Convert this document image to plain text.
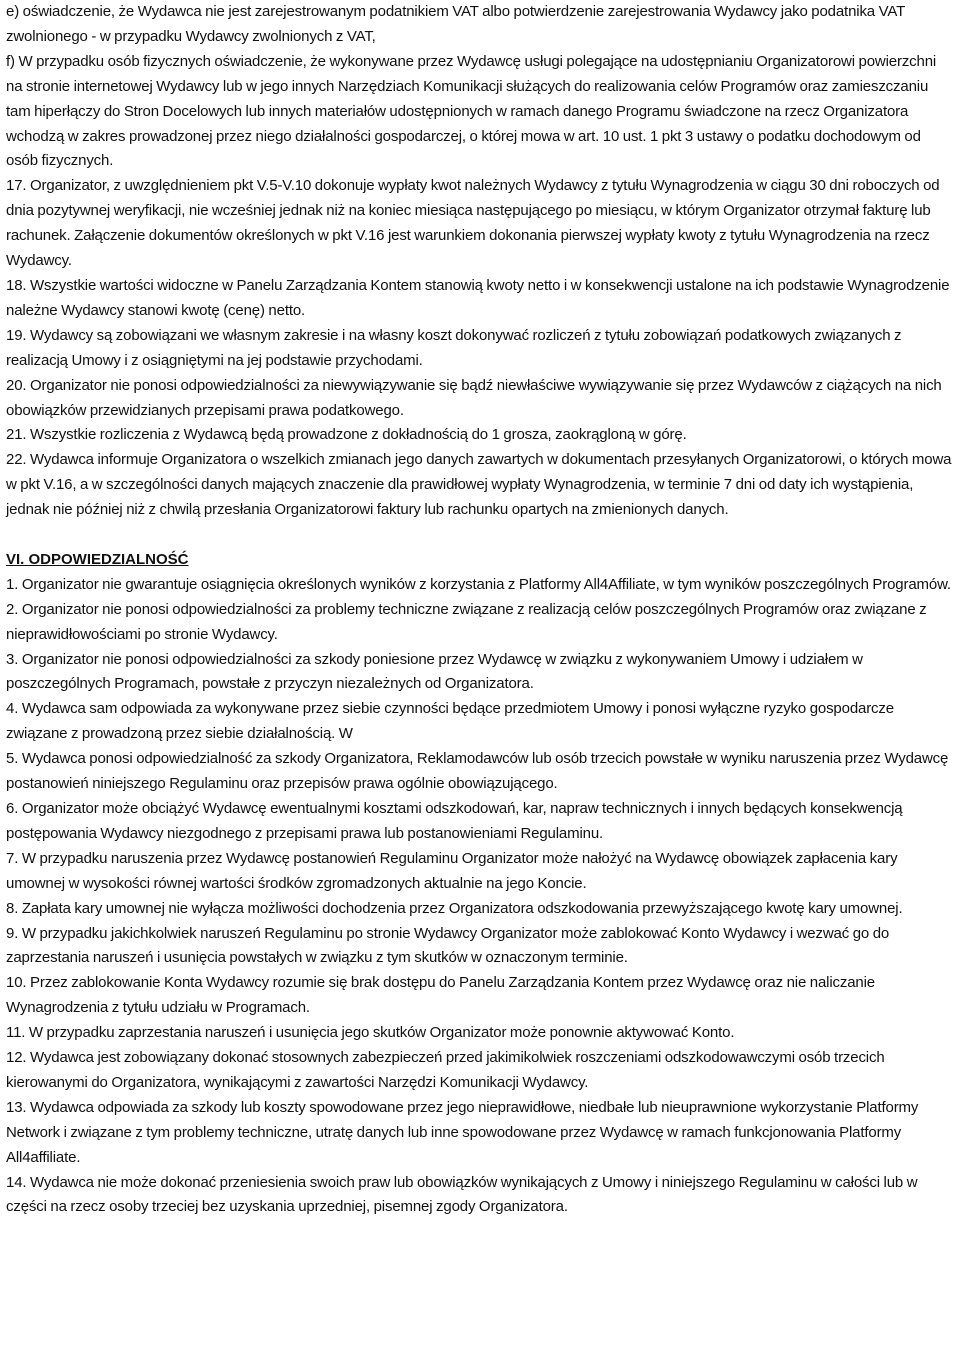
e) oświadczenie, że Wydawca nie jest zarejestrowanym podatnikiem VAT albo potwierdzenie zarejestrowania Wydawcy jako podatnika VAT zwolnionego - w przypadku Wydawcy zwolnionych z VAT,

f) W przypadku osób fizycznych oświadczenie, że wykonywane przez Wydawcę usługi polegające na udostępnianiu Organizatorowi powierzchni na stronie internetowej Wydawcy lub w jego innych Narzędziach Komunikacji służących do realizowania celów Programów oraz zamieszczaniu tam hiperłączy do Stron Docelowych lub innych materiałów udostępnionych w ramach danego Programu świadczone na rzecz Organizatora wchodzą w zakres prowadzonej przez niego działalności gospodarczej, o której mowa w art. 10 ust. 1 pkt 3 ustawy o podatku dochodowym od osób fizycznych.

17. Organizator, z uwzględnieniem pkt V.5-V.10 dokonuje wypłaty kwot należnych Wydawcy z tytułu Wynagrodzenia w ciągu 30 dni roboczych od dnia pozytywnej weryfikacji, nie wcześniej jednak niż na koniec miesiąca następującego po miesiącu, w którym Organizator otrzymał fakturę lub rachunek. Załączenie dokumentów określonych w pkt V.16 jest warunkiem dokonania pierwszej wypłaty kwoty z tytułu Wynagrodzenia na rzecz Wydawcy.

18. Wszystkie wartości widoczne w Panelu Zarządzania Kontem stanowią kwoty netto i w konsekwencji ustalone na ich podstawie Wynagrodzenie należne Wydawcy stanowi kwotę (cenę) netto.

19. Wydawcy są zobowiązani we własnym zakresie i na własny koszt dokonywać rozliczeń z tytułu zobowiązań podatkowych związanych z realizacją Umowy i z osiągniętymi na jej podstawie przychodami.

20. Organizator nie ponosi odpowiedzialności za niewywiązywanie się bądź niewłaściwe wywiązywanie się przez Wydawców z ciążących na nich obowiązków przewidzianych przepisami prawa podatkowego.

21. Wszystkie rozliczenia z Wydawcą będą prowadzone z dokładnością do 1 grosza, zaokrągloną w górę.

22. Wydawca informuje Organizatora o wszelkich zmianach jego danych zawartych w dokumentach przesyłanych Organizatorowi, o których mowa w pkt V.16, a w szczególności danych mających znaczenie dla prawidłowej wypłaty Wynagrodzenia, w terminie 7 dni od daty ich wystąpienia, jednak nie później niż z chwilą przesłania Organizatorowi faktury lub rachunku opartych na zmienionych danych.

VI. ODPOWIEDZIALNOŚĆ

1. Organizator nie gwarantuje osiągnięcia określonych wyników z korzystania z Platformy All4Affiliate, w tym wyników poszczególnych Programów.

2. Organizator nie ponosi odpowiedzialności za problemy techniczne związane z realizacją celów poszczególnych Programów oraz związane z nieprawidłowościami po stronie Wydawcy.

3. Organizator nie ponosi odpowiedzialności za szkody poniesione przez Wydawcę w związku z wykonywaniem Umowy i udziałem w poszczególnych Programach, powstałe z przyczyn niezależnych od Organizatora.

4. Wydawca sam odpowiada za wykonywane przez siebie czynności będące przedmiotem Umowy i ponosi wyłączne ryzyko gospodarcze związane z prowadzoną przez siebie działalnością. W

5. Wydawca ponosi odpowiedzialność za szkody Organizatora, Reklamodawców lub osób trzecich powstałe w wyniku naruszenia przez Wydawcę postanowień niniejszego Regulaminu oraz przepisów prawa ogólnie obowiązującego.

6. Organizator może obciążyć Wydawcę ewentualnymi kosztami odszkodowań, kar, napraw technicznych i innych będących konsekwencją postępowania Wydawcy niezgodnego z przepisami prawa lub postanowieniami Regulaminu.

7. W przypadku naruszenia przez Wydawcę postanowień Regulaminu Organizator może nałożyć na Wydawcę obowiązek zapłacenia kary umownej w wysokości równej wartości środków zgromadzonych aktualnie na jego Koncie.

8. Zapłata kary umownej nie wyłącza możliwości dochodzenia przez Organizatora odszkodowania przewyższającego kwotę kary umownej.

9. W przypadku jakichkolwiek naruszeń Regulaminu po stronie Wydawcy Organizator może zablokować Konto Wydawcy i wezwać go do zaprzestania naruszeń i usunięcia powstałych w związku z tym skutków w oznaczonym terminie.

10. Przez zablokowanie Konta Wydawcy rozumie się brak dostępu do Panelu Zarządzania Kontem przez Wydawcę oraz nie naliczanie Wynagrodzenia z tytułu udziału w Programach.

11. W przypadku zaprzestania naruszeń i usunięcia jego skutków Organizator może ponownie aktywować Konto.

12. Wydawca jest zobowiązany dokonać stosownych zabezpieczeń przed jakimikolwiek roszczeniami odszkodowawczymi osób trzecich kierowanymi do Organizatora, wynikającymi z zawartości Narzędzi Komunikacji Wydawcy.

13. Wydawca odpowiada za szkody lub koszty spowodowane przez jego nieprawidłowe, niedbałe lub nieuprawnione wykorzystanie Platformy Network i związane z tym problemy techniczne, utratę danych lub inne spowodowane przez Wydawcę w ramach funkcjonowania Platformy All4affiliate.

14. Wydawca nie może dokonać przeniesienia swoich praw lub obowiązków wynikających z Umowy i niniejszego Regulaminu w całości lub w części na rzecz osoby trzeciej bez uzyskania uprzedniej, pisemnej zgody Organizatora.
